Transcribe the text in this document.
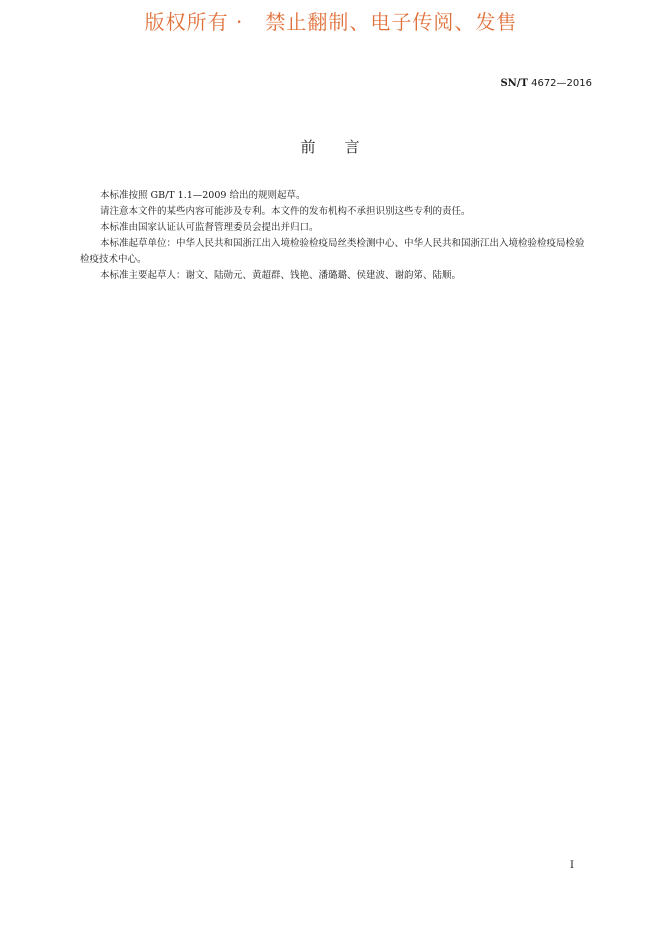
版权所有 ·   禁止翻制、电子传阅、发售
SN/T 4672—2016
前    言

本标准按照 GB/T 1.1—2009 给出的规则起草。

请注意本文件的某些内容可能涉及专利。本文件的发布机构不承担识别这些专利的责任。

本标准由国家认证认可监督管理委员会提出并归口。

本标准起草单位：中华人民共和国浙江出入境检验检疫局丝类检测中心、中华人民共和国浙江出入境检验检疫局检验检疫技术中心。

本标准主要起草人：谢文、陆勋元、黄超群、钱艳、潘璐璐、侯建波、谢韵笫、陆顺。

I
